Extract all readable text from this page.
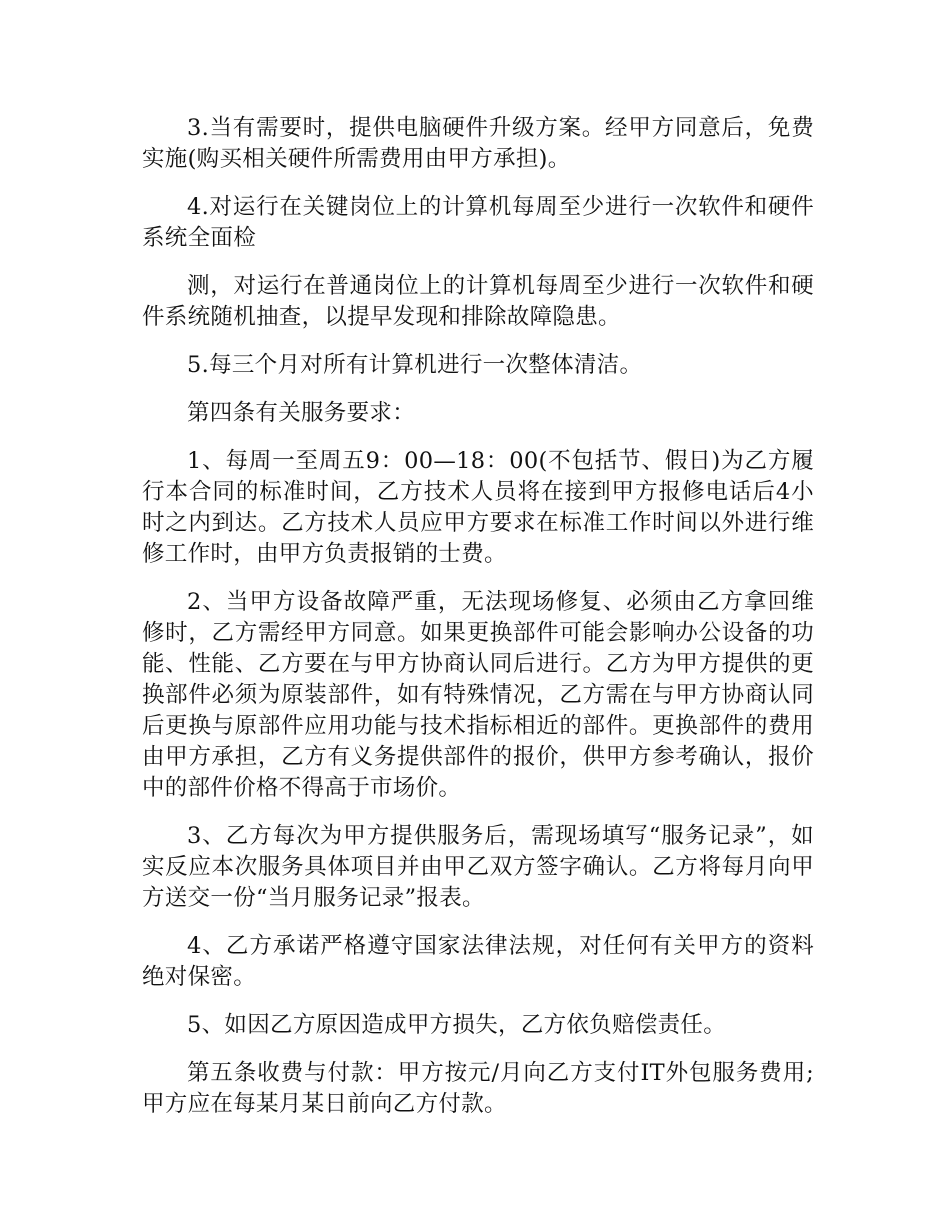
3.当有需要时，提供电脑硬件升级方案。经甲方同意后，免费实施(购买相关硬件所需费用由甲方承担)。

4.对运行在关键岗位上的计算机每周至少进行一次软件和硬件系统全面检

测，对运行在普通岗位上的计算机每周至少进行一次软件和硬件系统随机抽查，以提早发现和排除故障隐患。

5.每三个月对所有计算机进行一次整体清洁。

第四条有关服务要求：

1、每周一至周五9：00—18：00(不包括节、假日)为乙方履行本合同的标准时间，乙方技术人员将在接到甲方报修电话后4小时之内到达。乙方技术人员应甲方要求在标准工作时间以外进行维修工作时，由甲方负责报销的士费。

2、当甲方设备故障严重，无法现场修复、必须由乙方拿回维修时，乙方需经甲方同意。如果更换部件可能会影响办公设备的功能、性能、乙方要在与甲方协商认同后进行。乙方为甲方提供的更换部件必须为原装部件，如有特殊情况，乙方需在与甲方协商认同后更换与原部件应用功能与技术指标相近的部件。更换部件的费用由甲方承担，乙方有义务提供部件的报价，供甲方参考确认，报价中的部件价格不得高于市场价。

3、乙方每次为甲方提供服务后，需现场填写“服务记录”，如实反应本次服务具体项目并由甲乙双方签字确认。乙方将每月向甲方送交一份“当月服务记录”报表。

4、乙方承诺严格遵守国家法律法规，对任何有关甲方的资料绝对保密。

5、如因乙方原因造成甲方损失，乙方依负赔偿责任。

第五条收费与付款：甲方按元/月向乙方支付IT外包服务费用;甲方应在每某月某日前向乙方付款。
